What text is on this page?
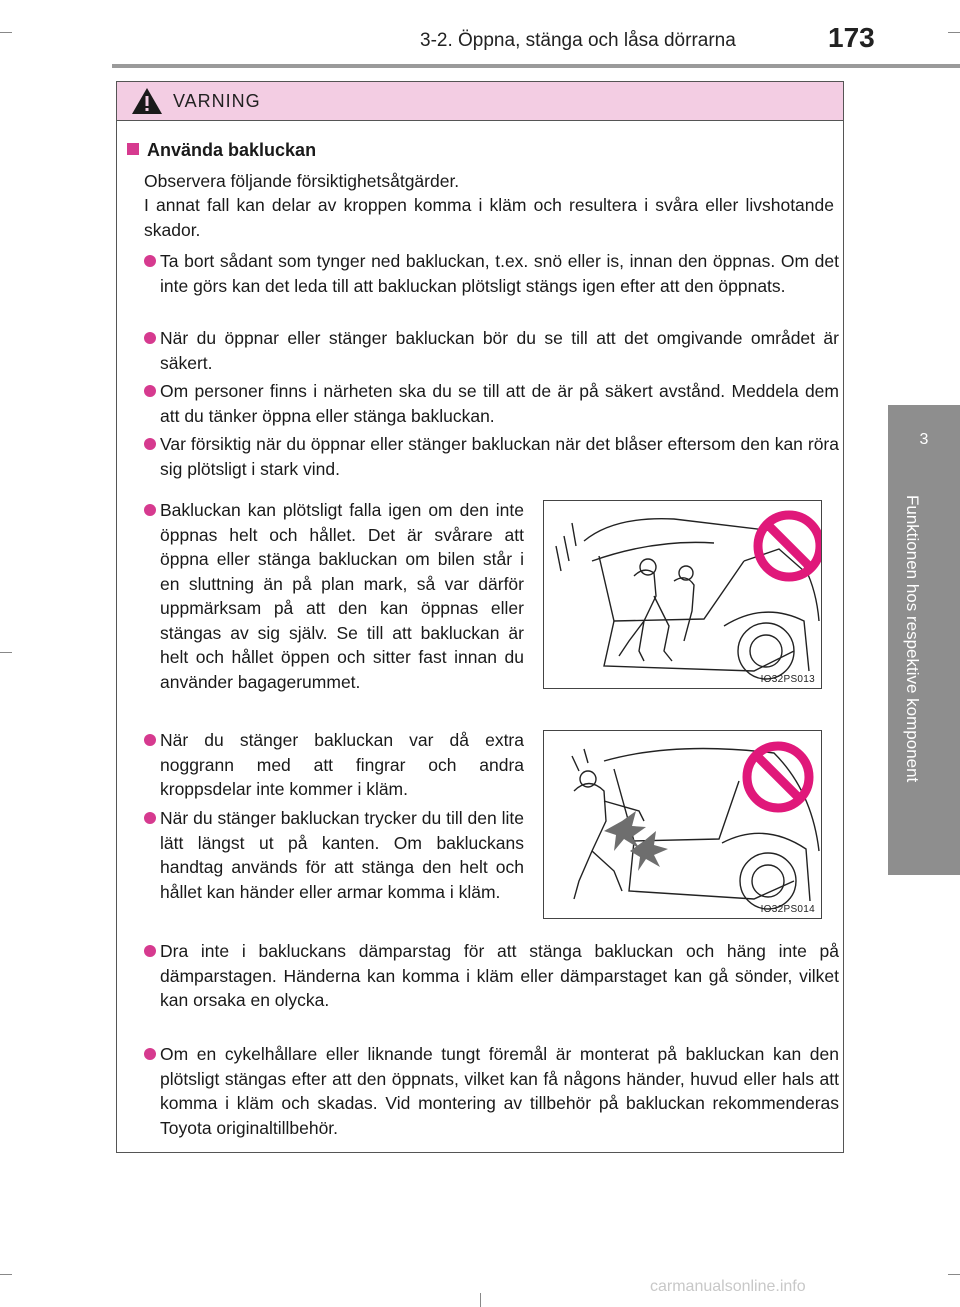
3-2. Öppna, stänga och låsa dörrarna	173
3
Funktionen hos respektive komponent
VARNING
Använda bakluckan
Observera följande försiktighetsåtgärder.
I annat fall kan delar av kroppen komma i kläm och resultera i svåra eller livshotande skador.
Ta bort sådant som tynger ned bakluckan, t.ex. snö eller is, innan den öppnas. Om det inte görs kan det leda till att bakluckan plötsligt stängs igen efter att den öppnats.
När du öppnar eller stänger bakluckan bör du se till att det omgivande området är säkert.
Om personer finns i närheten ska du se till att de är på säkert avstånd. Meddela dem att du tänker öppna eller stänga bakluckan.
Var försiktig när du öppnar eller stänger bakluckan när det blåser eftersom den kan röra sig plötsligt i stark vind.
Bakluckan kan plötsligt falla igen om den inte öppnas helt och hållet. Det är svårare att öppna eller stänga bakluckan om bilen står i en sluttning än på plan mark, så var därför uppmärksam på att den kan öppnas eller stängas av sig själv. Se till att bakluckan är helt och hållet öppen och sitter fast innan du använder bagagerummet.	IO32PS013
När du stänger bakluckan var då extra noggrann med att fingrar och andra kroppsdelar inte kommer i kläm.
När du stänger bakluckan trycker du till den lite lätt längst ut på kanten. Om bakluckans handtag används för att stänga den helt och hållet kan händer eller armar komma i kläm.
IO32PS014
Dra inte i bakluckans dämparstag för att stänga bakluckan och häng inte på dämparstagen. Händerna kan komma i kläm eller dämparstaget kan gå sönder, vilket kan orsaka en olycka.
Om en cykelhållare eller liknande tungt föremål är monterat på bakluckan kan den plötsligt stängas efter att den öppnats, vilket kan få någons händer, huvud eller hals att komma i kläm och skadas. Vid montering av tillbehör på bakluckan rekommenderas Toyota originaltillbehör.
carmanualsonline.info
